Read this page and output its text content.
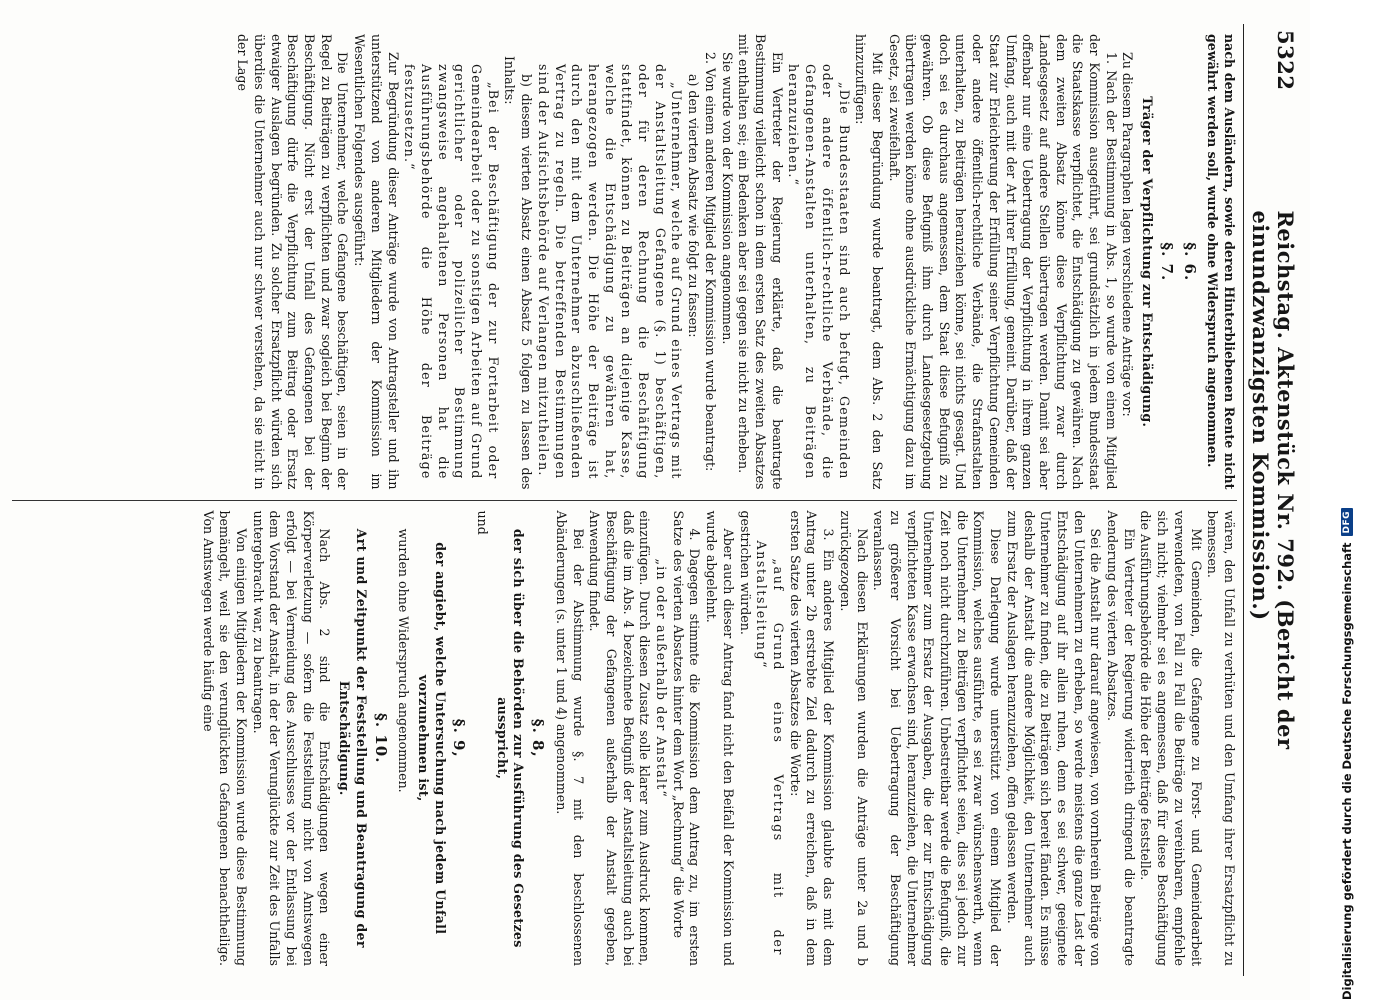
5322
Reichstag. Aktenstück Nr. 792. (Bericht der einundzwanzigsten Kommission.)

nach dem Ausländern, sowie deren Hinterbliebenen Rente nicht gewährt werden soll, wurde ohne Widerspruch angenommen.

§. 6.
§. 7.
Träger der Verpflichtung zur Entschädigung.

Zu diesem Paragraphen lagen verschiedene Anträge vor:

1. Nach der Bestimmung in Abs. 1, so wurde von einem Mitglied der Kommission ausgeführt, sei grundsätzlich in jedem Bundesstaat die Staatskasse verpflichtet, die Entschädigung zu gewähren. Nach dem zweiten Absatz könne diese Verpflichtung zwar durch Landesgesetz auf andere Stellen übertragen werden. Damit sei aber offenbar nur eine Uebertragung der Verpflichtung in ihrem ganzen Umfang, auch mit der Art ihrer Erfüllung, gemeint. Darüber, daß der Staat zur Erleichterung der Erfüllung seiner Verpflichtung Gemeinden oder andere öffentlich-rechtliche Verbände, die Strafanstalten unterhalten, zu Beiträgen heranziehen könne, sei nichts gesagt. Und doch sei es durchaus angemessen, dem Staat diese Befugniß zu gewähren. Ob diese Befugniß ihm durch Landesgesetzgebung übertragen werden könne ohne ausdrückliche Ermächtigung dazu im Gesetz, sei zweifelhaft.

Mit dieser Begründung wurde beantragt, dem Abs. 2 den Satz hinzuzufügen:

„Die Bundesstaaten sind auch befugt, Gemeinden oder andere öffentlich-rechtliche Verbände, die Gefangenen-Anstalten unterhalten, zu Beiträgen heranzuziehen.“

Ein Vertreter der Regierung erklärte, daß die beantragte Bestimmung vielleicht schon in dem ersten Satz des zweiten Absatzes mit enthalten sei; ein Bedenken aber sei gegen sie nicht zu erheben.

Sie wurde von der Kommission angenommen.

2. Von einem anderen Mitglied der Kommission wurde beantragt:

a) den vierten Absatz wie folgt zu fassen:

„Unternehmer, welche auf Grund eines Vertrags mit der Anstaltsleitung Gefangene (§. 1) beschäftigen, oder für deren Rechnung die Beschäftigung stattfindet, können zu Beiträgen an diejenige Kasse, welche die Entschädigung zu gewähren hat, herangezogen werden. Die Höhe der Beiträge ist durch den mit dem Unternehmer abzuschließenden Vertrag zu regeln. Die betreffenden Bestimmungen sind der Aufsichtsbehörde auf Verlangen mitzutheilen.

b) diesem vierten Absatz einen Absatz 5 folgen zu lassen des Inhalts:

„Bei der Beschäftigung der zur Fortarbeit oder Gemeindearbeit oder zu sonstigen Arbeiten auf Grund gerichtlicher oder polizeilicher Bestimmung zwangsweise angehaltenen Personen hat die Ausführungsbehörde die Höhe der Beiträge festzusetzen.“

Zur Begründung dieser Anträge wurde von Antragsteller und ihn unterstützend von anderen Mitgliedern der Kommission im Wesentlichen Folgendes ausgeführt:

Die Unternehmer, welche Gefangene beschäftigen, seien in der Regel zu Beiträgen zu verpflichten und zwar sogleich bei Beginn der Beschäftigung. Nicht erst der Unfall des Gefangenen bei der Beschäftigung dürfe die Verpflichtung zum Beitrag oder Ersatz etwaiger Auslagen begründen. Zu solcher Ersatzpflicht würden sich überdies die Unternehmer auch nur schwer verstehen, da sie nicht in der Lage

wären, den Unfall zu verhüten und den Umfang ihrer Ersatzpflicht zu bemessen.

Mit Gemeinden, die Gefangene zu Forst- und Gemeindearbeit verwendeten, von Fall zu Fall die Beiträge zu vereinbaren, empfehle sich nicht; vielmehr sei es angemessen, daß für diese Beschäftigung die Ausführungsbehörde die Höhe der Beiträge feststelle.

Ein Vertreter der Regierung widerrieth dringend die beantragte Aenderung des vierten Absatzes.

Sei die Anstalt nur darauf angewiesen, von vornherein Beiträge von den Unternehmern zu erheben, so werde meistens die ganze Last der Entschädigung auf ihr allein ruhen, denn es sei schwer, geeignete Unternehmer zu finden, die zu Beiträgen sich bereit fänden. Es müsse deshalb der Anstalt die andere Möglichkeit, den Unternehmer auch zum Ersatz der Auslagen heranzuziehen, offen gelassen werden.

Diese Darlegung wurde unterstützt von einem Mitglied der Kommission, welches ausführte, es sei zwar wünschenswerth, wenn die Unternehmer zu Beiträgen verpflichtet seien, dies sei jedoch zur Zeit noch nicht durchzuführen. Unbestreitbar werde die Befugniß, die Unternehmer zum Ersatz der Ausgaben, die der zur Entschädigung verpflichteten Kasse erwachsen sind, heranzuziehen, die Unternehmer zu größerer Vorsicht bei Uebertragung der Beschäftigung veranlassen.

Nach diesen Erklärungen wurden die Anträge unter 2a und b zurückgezogen.

3. Ein anderes Mitglied der Kommission glaubte das mit dem Antrag unter 2b erstrebte Ziel dadurch zu erreichen, daß in dem ersten Satze des vierten Absatzes die Worte:

„auf Grund eines Vertrags mit der Anstaltsleitung“

gestrichen würden.

Aber auch dieser Antrag fand nicht den Beifall der Kommission und wurde abgelehnt.

4. Dagegen stimmte die Kommission dem Antrag zu, im ersten Satze des vierten Absatzes hinter dem Wort „Rechnung“ die Worte

„in oder außerhalb der Anstalt“

einzufügen. Durch diesen Zusatz solle klarer zum Ausdruck kommen, daß die im Abs. 4 bezeichnete Befugniß der Anstaltsleitung auch bei Beschäftigung der Gefangenen außerhalb der Anstalt gegeben, Anwendung findet.

Bei der Abstimmung wurde §. 7 mit den beschlossenen Abänderungen (s. unter 1 und 4) angenommen.

§. 8,
der sich über die Behörden zur Ausführung des Gesetzes ausspricht,

und

§. 9,
der angiebt, welche Untersuchung nach jedem Unfall vorzunehmen ist,

wurden ohne Widerspruch angenommen.

§. 10.
Art und Zeitpunkt der Feststellung und Beantragung der Entschädigung.

Nach Abs. 2 sind die Entschädigungen wegen einer Körperverletzung — sofern die Feststellung nicht von Amtswegen erfolgt — bei Vermeidung des Ausschlusses vor der Entlassung bei dem Vorstand der Anstalt, in der der Verunglückte zur Zeit des Unfalls untergebracht war, zu beantragen.

Von einigen Mitgliedern der Kommission wurde diese Bestimmung bemängelt, weil sie den verunglückten Gefangenen benachtheilige. Von Amtswegen werde häufig eine	Digitalisierung gefördert durch die Deutsche Forschungsgemeinschaft
DFG
